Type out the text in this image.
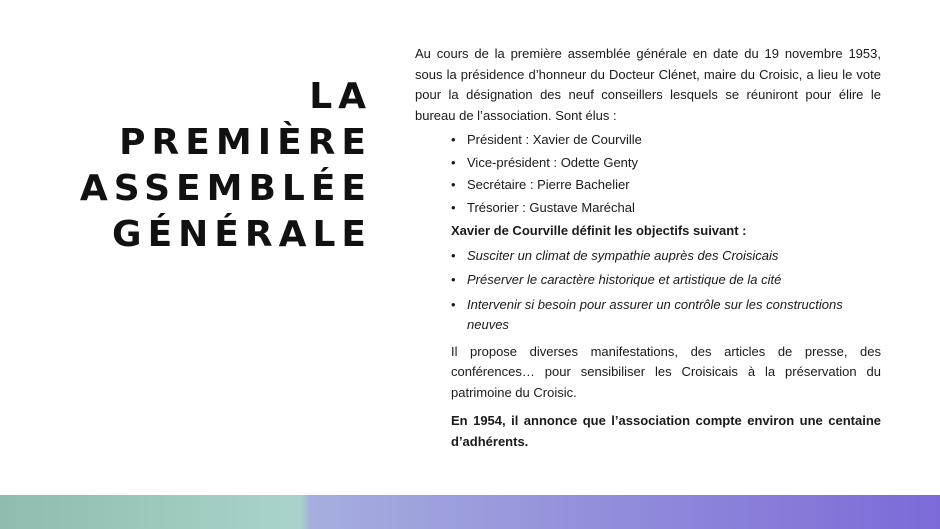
LA
PREMIÈRE
ASSEMBLÉE
GÉNÉRALE

Au cours de la première assemblée générale en date du 19 novembre 1953, sous la présidence d’honneur du Docteur Clénet, maire du Croisic, a lieu le vote pour la désignation des neuf conseillers lesquels se réuniront pour élire le bureau de l’association. Sont élus :

• Président : Xavier de Courville
• Vice-président : Odette Genty
• Secrétaire : Pierre Bachelier
• Trésorier : Gustave Maréchal
Xavier de Courville définit les objectifs suivant :
• Susciter un climat de sympathie auprès des Croisicais
• Préserver le caractère historique et artistique de la cité
• Intervenir si besoin pour assurer un contrôle sur les constructions neuves

Il propose diverses manifestations, des articles de presse, des conférences… pour sensibiliser les Croisicais à la préservation du patrimoine du Croisic.

En 1954, il annonce que l’association compte environ une centaine d’adhérents.
